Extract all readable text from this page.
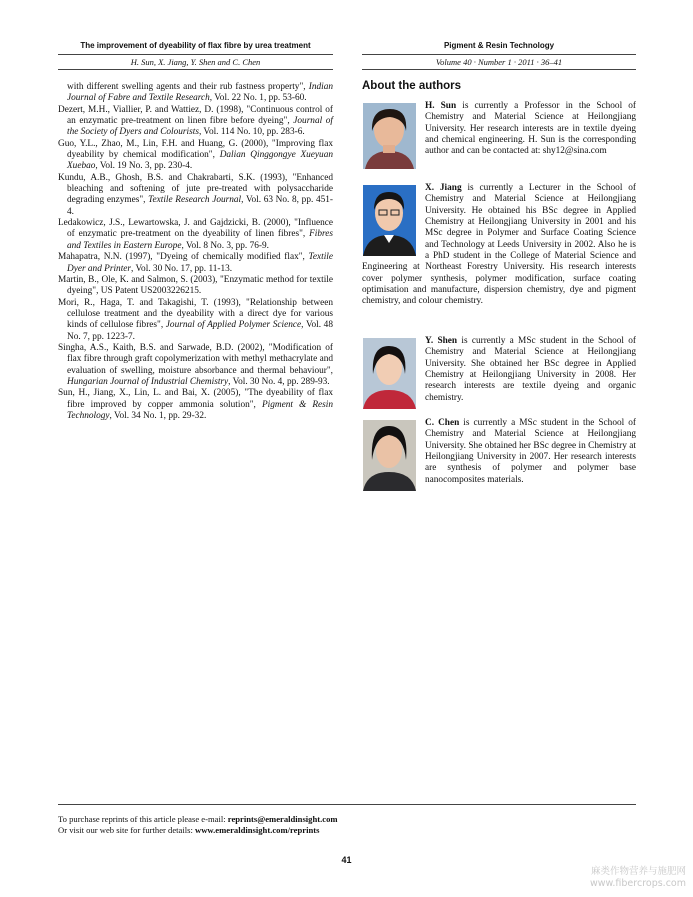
The improvement of dyeability of flax fibre by urea treatment
H. Sun, X. Jiang, Y. Shen and C. Chen
Pigment & Resin Technology
Volume 40 · Number 1 · 2011 · 36–41

with different swelling agents and their rub fastness property", Indian Journal of Fabre and Textile Research, Vol. 22 No. 1, pp. 53-60.

Dezert, M.H., Viallier, P. and Wattiez, D. (1998), "Continuous control of an enzymatic pre-treatment on linen fibre before dyeing", Journal of the Society of Dyers and Colourists, Vol. 114 No. 10, pp. 283-6.

Guo, Y.L., Zhao, M., Lin, F.H. and Huang, G. (2000), "Improving flax dyeability by chemical modification", Dalian Qinggongye Xueyuan Xuebao, Vol. 19 No. 3, pp. 230-4.

Kundu, A.B., Ghosh, B.S. and Chakrabarti, S.K. (1993), "Enhanced bleaching and softening of jute pre-treated with polysaccharide degrading enzymes", Textile Research Journal, Vol. 63 No. 8, pp. 451-4.

Ledakowicz, J.S., Lewartowska, J. and Gajdzicki, B. (2000), "Influence of enzymatic pre-treatment on the dyeability of linen fibres", Fibres and Textiles in Eastern Europe, Vol. 8 No. 3, pp. 76-9.

Mahapatra, N.N. (1997), "Dyeing of chemically modified flax", Textile Dyer and Printer, Vol. 30 No. 17, pp. 11-13.

Martin, B., Ole, K. and Salmon, S. (2003), "Enzymatic method for textile dyeing", US Patent US2003226215.

Mori, R., Haga, T. and Takagishi, T. (1993), "Relationship between cellulose treatment and the dyeability with a direct dye for various kinds of cellulose fibres", Journal of Applied Polymer Science, Vol. 48 No. 7, pp. 1223-7.

Singha, A.S., Kaith, B.S. and Sarwade, B.D. (2002), "Modification of flax fibre through graft copolymerization with methyl methacrylate and evaluation of swelling, moisture absorbance and thermal behaviour", Hungarian Journal of Industrial Chemistry, Vol. 30 No. 4, pp. 289-93.

Sun, H., Jiang, X., Lin, L. and Bai, X. (2005), "The dyeability of flax fibre improved by copper ammonia solution", Pigment & Resin Technology, Vol. 34 No. 1, pp. 29-32.

About the authors
H. Sun is currently a Professor in the School of Chemistry and Material Science at Heilongjiang University. Her research interests are in textile dyeing and chemical engineering. H. Sun is the corresponding author and can be contacted at: shy12@sina.com
X. Jiang is currently a Lecturer in the School of Chemistry and Material Science at Heilongjiang University. He obtained his BSc degree in Applied Chemistry at Heilongjiang University in 2001 and his MSc degree in Polymer and Surface Coating Science and Technology at Leeds University in 2002. Also he is a PhD student in the College of Material Science and Engineering at Northeast Forestry University. His research interests cover polymer synthesis, polymer modification, surface coating optimisation and manufacture, dispersion chemistry, dye and pigment chemistry, and colour chemistry.
Y. Shen is currently a MSc student in the School of Chemistry and Material Science at Heilongjiang University. She obtained her BSc degree in Applied Chemistry at Heilongjiang University in 2008. Her research interests are textile dyeing and organic chemistry.
C. Chen is currently a MSc student in the School of Chemistry and Material Science at Heilongjiang University. She obtained her BSc degree in Chemistry at Heilongjiang University in 2007. Her research interests are synthesis of polymer and polymer base nanocomposites materials.
To purchase reprints of this article please e-mail: reprints@emeraldinsight.com
Or visit our web site for further details: www.emeraldinsight.com/reprints
41
麻类作物营养与施肥网
www.fibercrops.com
